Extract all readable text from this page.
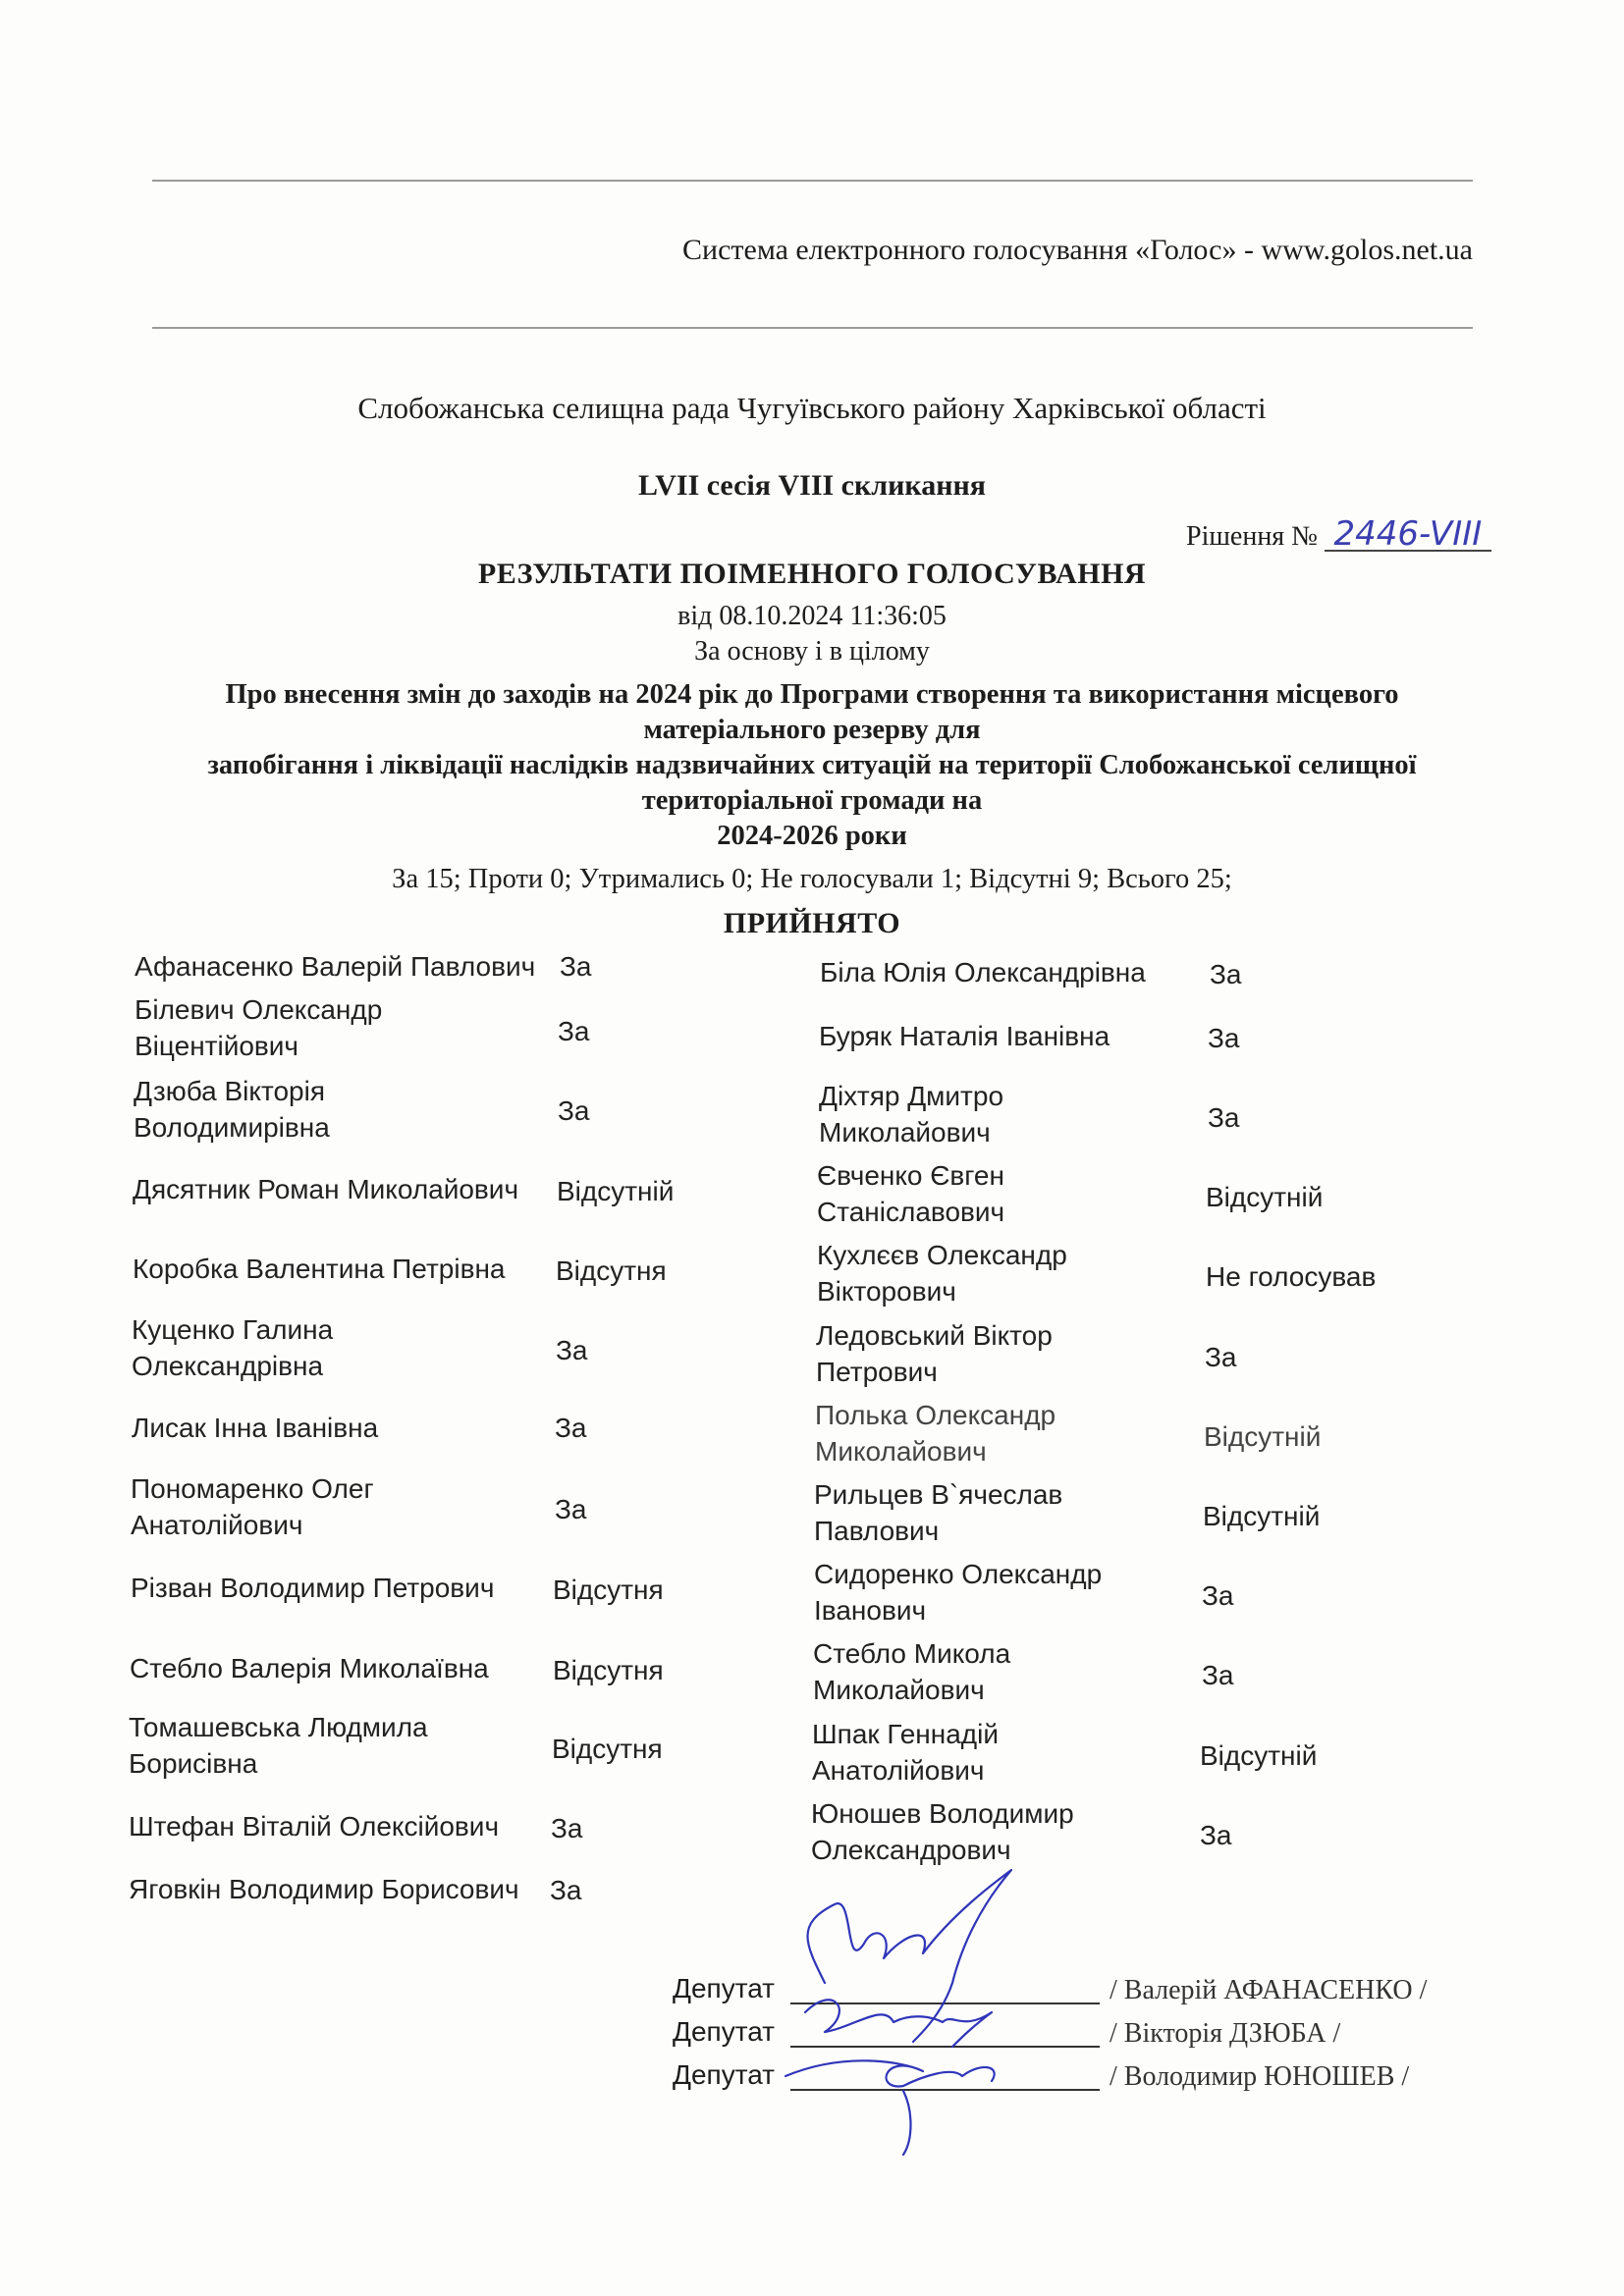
Система електронного голосування «Голос» - www.golos.net.ua
Слобожанська селищна рада Чугуївського району Харківської області
LVII сесія VIII скликання
Рішення № 2446-VIII
РЕЗУЛЬТАТИ ПОІМЕННОГО ГОЛОСУВАННЯ
від 08.10.2024 11:36:05
За основу і в цілому
Про внесення змін до заходів на 2024 рік до Програми створення та використання місцевого
матеріального резерву для
запобігання і ліквідації наслідків надзвичайних ситуацій на території Слобожанської селищної
територіальної громади на
2024-2026 роки
За 15; Проти 0; Утримались 0; Не голосували 1; Відсутні 9; Всього 25;
ПРИЙНЯТО
Афанасенко Валерій Павлович За
Білевич Олександр
Віцентійович	За
Дзюба Вікторія
Володимирівна
За
Дясятник Роман Миколайович Відсутній
Коробка Валентина Петрівна Відсутня
Куценко Галина
Олександрівна
За
Лисак Інна Іванівна	За
Пономаренко Олег
Анатолійович
За
Різван Володимир Петрович Відсутня
Стебло Валерія Миколаївна Відсутня
Томашевська Людмила
Борисівна	Відсутня
Штефан Віталій Олексійович За
Яговкін Володимир Борисович За
Біла Юлія Олександрівна За
Буряк Наталія Іванівна	За
Діхтяр Дмитро
Миколайович	За
Євченко Євген
Станіславович	Відсутній
Кухлєєв Олександр
Вікторович	Не голосував
Ледовський Віктор
Петрович	За
Полька Олександр
Миколайович	Відсутній
Рильцев В`ячеслав
Павлович	Відсутній
Сидоренко Олександр
Іванович	За
Стебло Микола
Миколайович	За
Шпак Геннадій
Анатолійович	Відсутній
Юношев Володимир
Олександрович	За
Депутат	/ Валерій АФАНАСЕНКО /
Депутат	/ Вікторія ДЗЮБА /
Депутат	/ Володимир ЮНОШЕВ /
